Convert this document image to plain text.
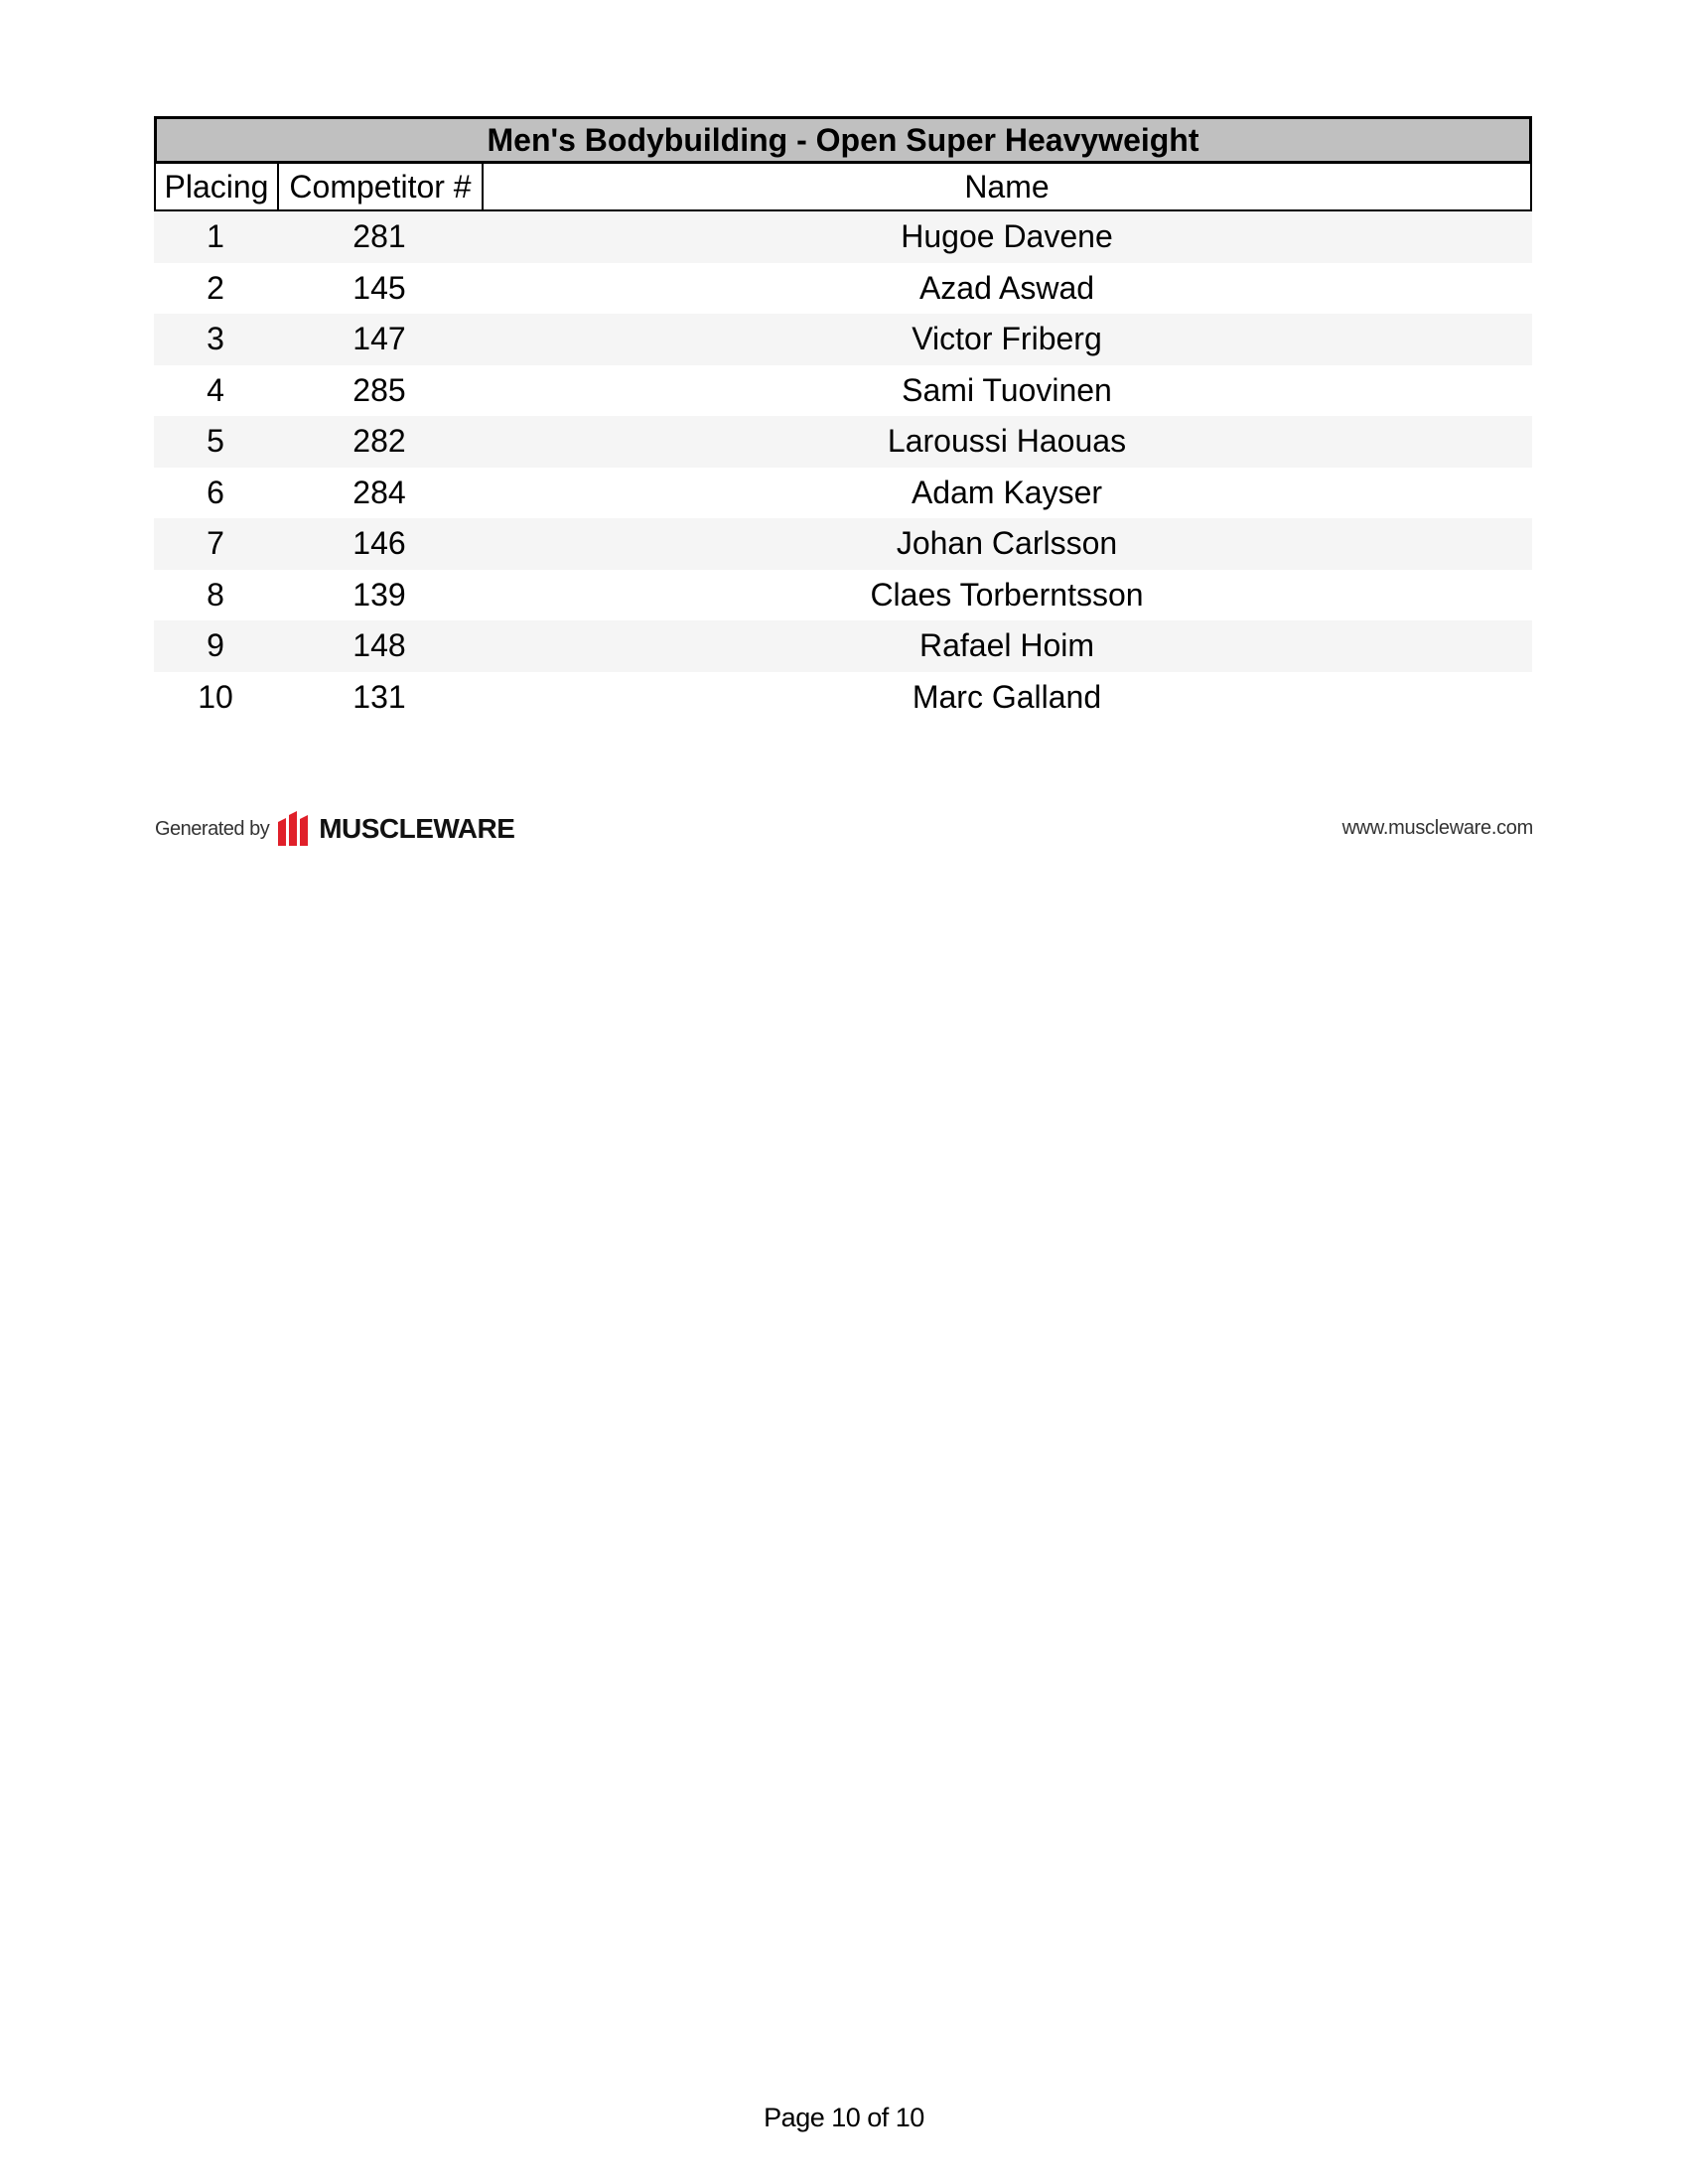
Men's Bodybuilding - Open Super Heavyweight
Placing Competitor #	Name
1	281	Hugoe Davene
2	145	Azad Aswad
3	147	Victor Friberg
4	285	Sami Tuovinen
5	282	Laroussi Haouas
6	284	Adam Kayser
7	146	Johan Carlsson
8	139	Claes Torberntsson
9	148	Rafael Hoim
10	131	Marc Galland
Generated by MUSCLEWARE	www.muscleware.com
Page 10 of 10
